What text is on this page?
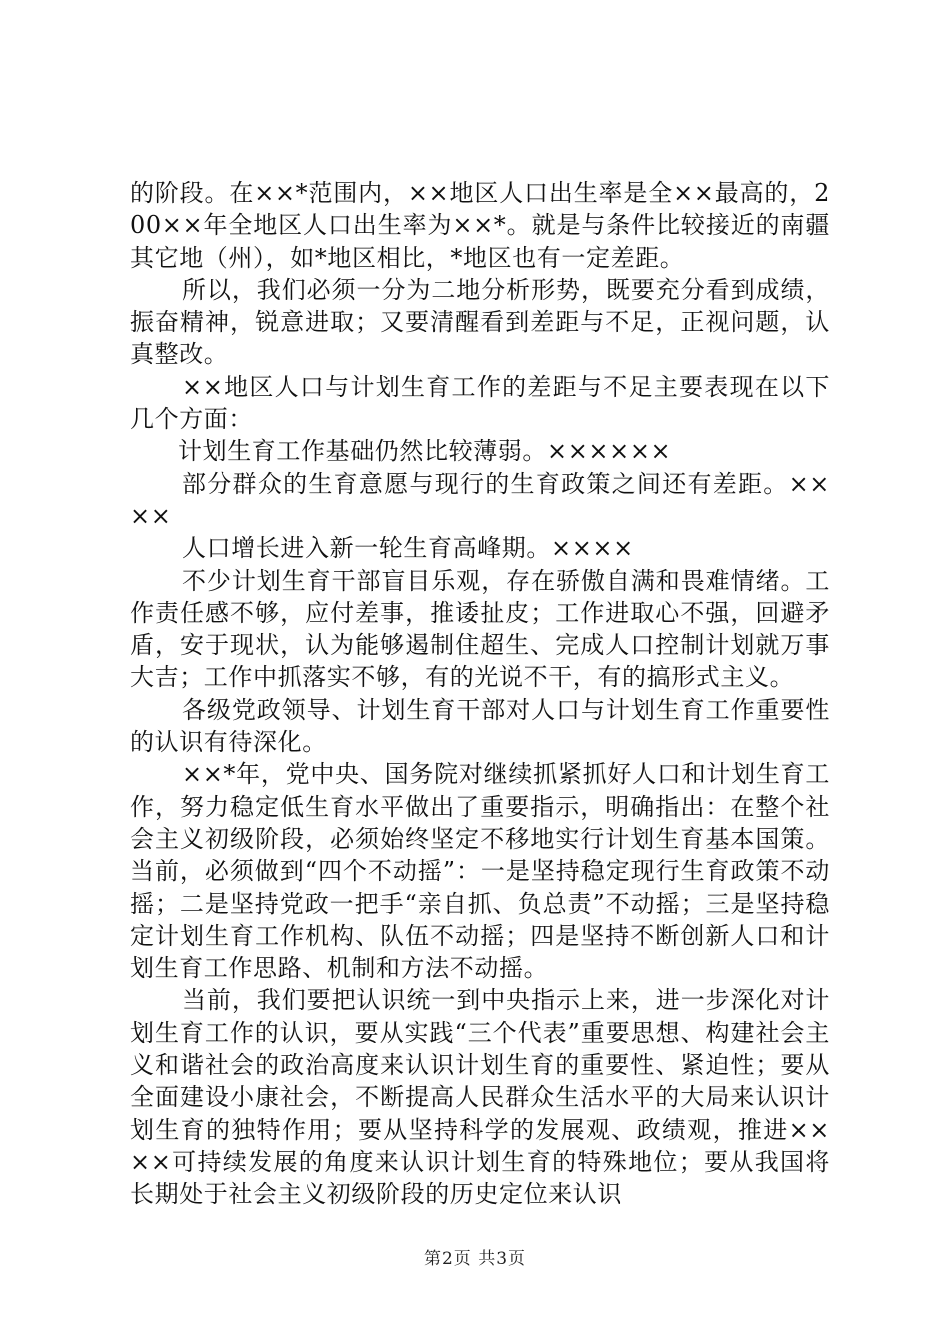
的阶段。在××*范围内，××地区人口出生率是全××最高的，200××年全地区人口出生率为××*。就是与条件比较接近的南疆其它地（州），如*地区相比，*地区也有一定差距。

所以，我们必须一分为二地分析形势，既要充分看到成绩，振奋精神，锐意进取；又要清醒看到差距与不足，正视问题，认真整改。

××地区人口与计划生育工作的差距与不足主要表现在以下几个方面：

计划生育工作基础仍然比较薄弱。××××××

部分群众的生育意愿与现行的生育政策之间还有差距。××××

人口增长进入新一轮生育高峰期。××××

不少计划生育干部盲目乐观，存在骄傲自满和畏难情绪。工作责任感不够，应付差事，推诿扯皮；工作进取心不强，回避矛盾，安于现状，认为能够遏制住超生、完成人口控制计划就万事大吉；工作中抓落实不够，有的光说不干，有的搞形式主义。

各级党政领导、计划生育干部对人口与计划生育工作重要性的认识有待深化。

××*年，党中央、国务院对继续抓紧抓好人口和计划生育工作，努力稳定低生育水平做出了重要指示，明确指出：在整个社会主义初级阶段，必须始终坚定不移地实行计划生育基本国策。当前，必须做到“四个不动摇”：一是坚持稳定现行生育政策不动摇；二是坚持党政一把手“亲自抓、负总责”不动摇；三是坚持稳定计划生育工作机构、队伍不动摇；四是坚持不断创新人口和计划生育工作思路、机制和方法不动摇。

当前，我们要把认识统一到中央指示上来，进一步深化对计划生育工作的认识，要从实践“三个代表”重要思想、构建社会主义和谐社会的政治高度来认识计划生育的重要性、紧迫性；要从全面建设小康社会，不断提高人民群众生活水平的大局来认识计划生育的独特作用；要从坚持科学的发展观、政绩观，推进××××可持续发展的角度来认识计划生育的特殊地位；要从我国将长期处于社会主义初级阶段的历史定位来认识

第2页 共3页
